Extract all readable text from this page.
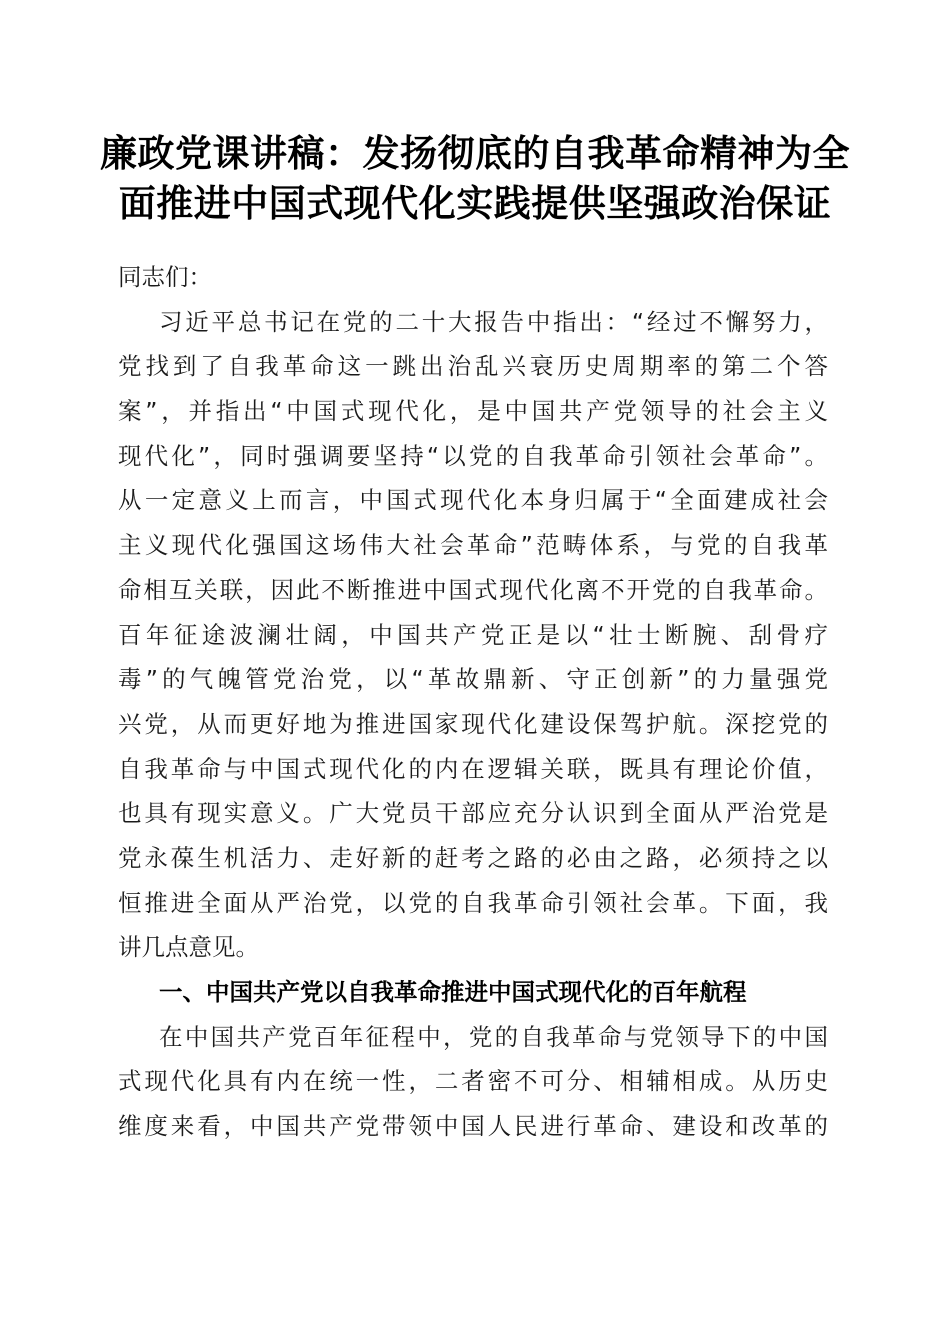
廉政党课讲稿：发扬彻底的自我革命精神为全
面推进中国式现代化实践提供坚强政治保证
同志们：
习近平总书记在党的二十大报告中指出：“经过不懈努力，
党找到了自我革命这一跳出治乱兴衰历史周期率的第二个答
案”，并指出“中国式现代化，是中国共产党领导的社会主义
现代化”，同时强调要坚持“以党的自我革命引领社会革命”。
从一定意义上而言，中国式现代化本身归属于“全面建成社会
主义现代化强国这场伟大社会革命”范畴体系，与党的自我革
命相互关联，因此不断推进中国式现代化离不开党的自我革命。
百年征途波澜壮阔，中国共产党正是以“壮士断腕、刮骨疗
毒”的气魄管党治党，以“革故鼎新、守正创新”的力量强党
兴党，从而更好地为推进国家现代化建设保驾护航。深挖党的
自我革命与中国式现代化的内在逻辑关联，既具有理论价值，
也具有现实意义。广大党员干部应充分认识到全面从严治党是
党永葆生机活力、走好新的赶考之路的必由之路，必须持之以
恒推进全面从严治党，以党的自我革命引领社会革。下面，我
讲几点意见。
一、中国共产党以自我革命推进中国式现代化的百年航程
在中国共产党百年征程中，党的自我革命与党领导下的中国
式现代化具有内在统一性，二者密不可分、相辅相成。从历史
维度来看，中国共产党带领中国人民进行革命、建设和改革的
